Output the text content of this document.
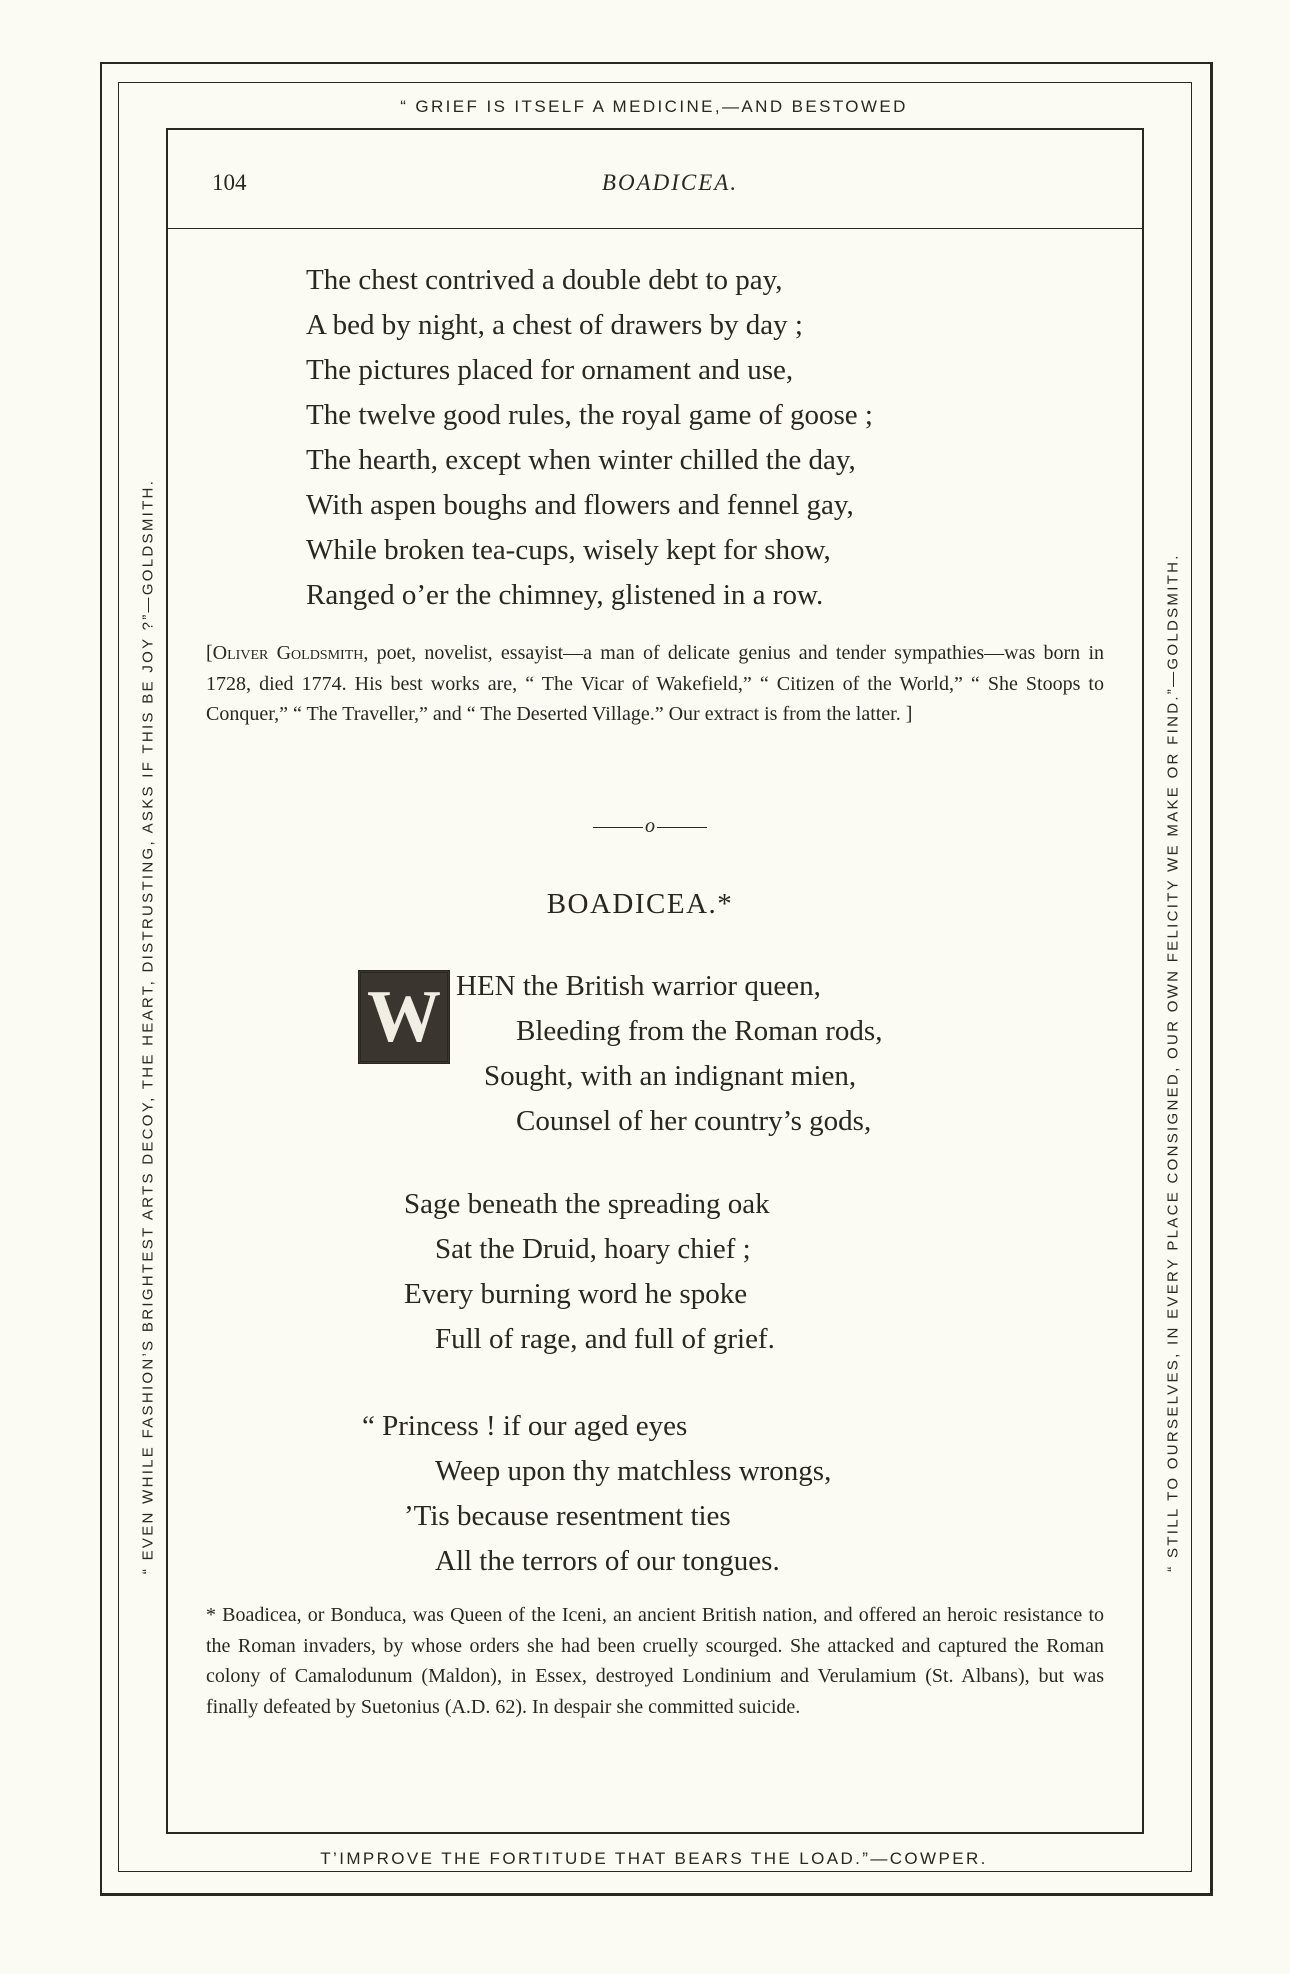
“ GRIEF IS ITSELF A MEDICINE,—AND BESTOWED
T’IMPROVE THE FORTITUDE THAT BEARS THE LOAD.”—COWPER.
“ EVEN WHILE FASHION’S BRIGHTEST ARTS DECOY, THE HEART, DISTRUSTING, ASKS IF THIS BE JOY ?”—GOLDSMITH.	“ STILL TO OURSELVES, IN EVERY PLACE CONSIGNED, OUR OWN FELICITY WE MAKE OR FIND.”—GOLDSMITH.
104	BOADICEA.
The chest contrived a double debt to pay,
A bed by night, a chest of drawers by day ;
The pictures placed for ornament and use,
The twelve good rules, the royal game of goose ;
The hearth, except when winter chilled the day,
With aspen boughs and flowers and fennel gay,
While broken tea-cups, wisely kept for show,
Ranged o’er the chimney, glistened in a row.
[Oliver Goldsmith, poet, novelist, essayist—a man of delicate genius and tender sympathies—was born in 1728, died 1774. His best works are, “ The Vicar of Wakefield,” “ Citizen of the World,” “ She Stoops to Conquer,” “ The Traveller,” and “ The Deserted Village.” Our extract is from the latter. ]
o
BOADICEA.*
W HEN the British warrior queen,
Bleeding from the Roman rods,
Sought, with an indignant mien,
Counsel of her country’s gods,
Sage beneath the spreading oak
Sat the Druid, hoary chief ;
Every burning word he spoke
Full of rage, and full of grief.
“ Princess ! if our aged eyes
Weep upon thy matchless wrongs,
’Tis because resentment ties
All the terrors of our tongues.
* Boadicea, or Bonduca, was Queen of the Iceni, an ancient British nation, and offered an heroic resistance to the Roman invaders, by whose orders she had been cruelly scourged. She attacked and captured the Roman colony of Camalodunum (Maldon), in Essex, destroyed Londinium and Verulamium (St. Albans), but was finally defeated by Suetonius (A.D. 62). In despair she committed suicide.
